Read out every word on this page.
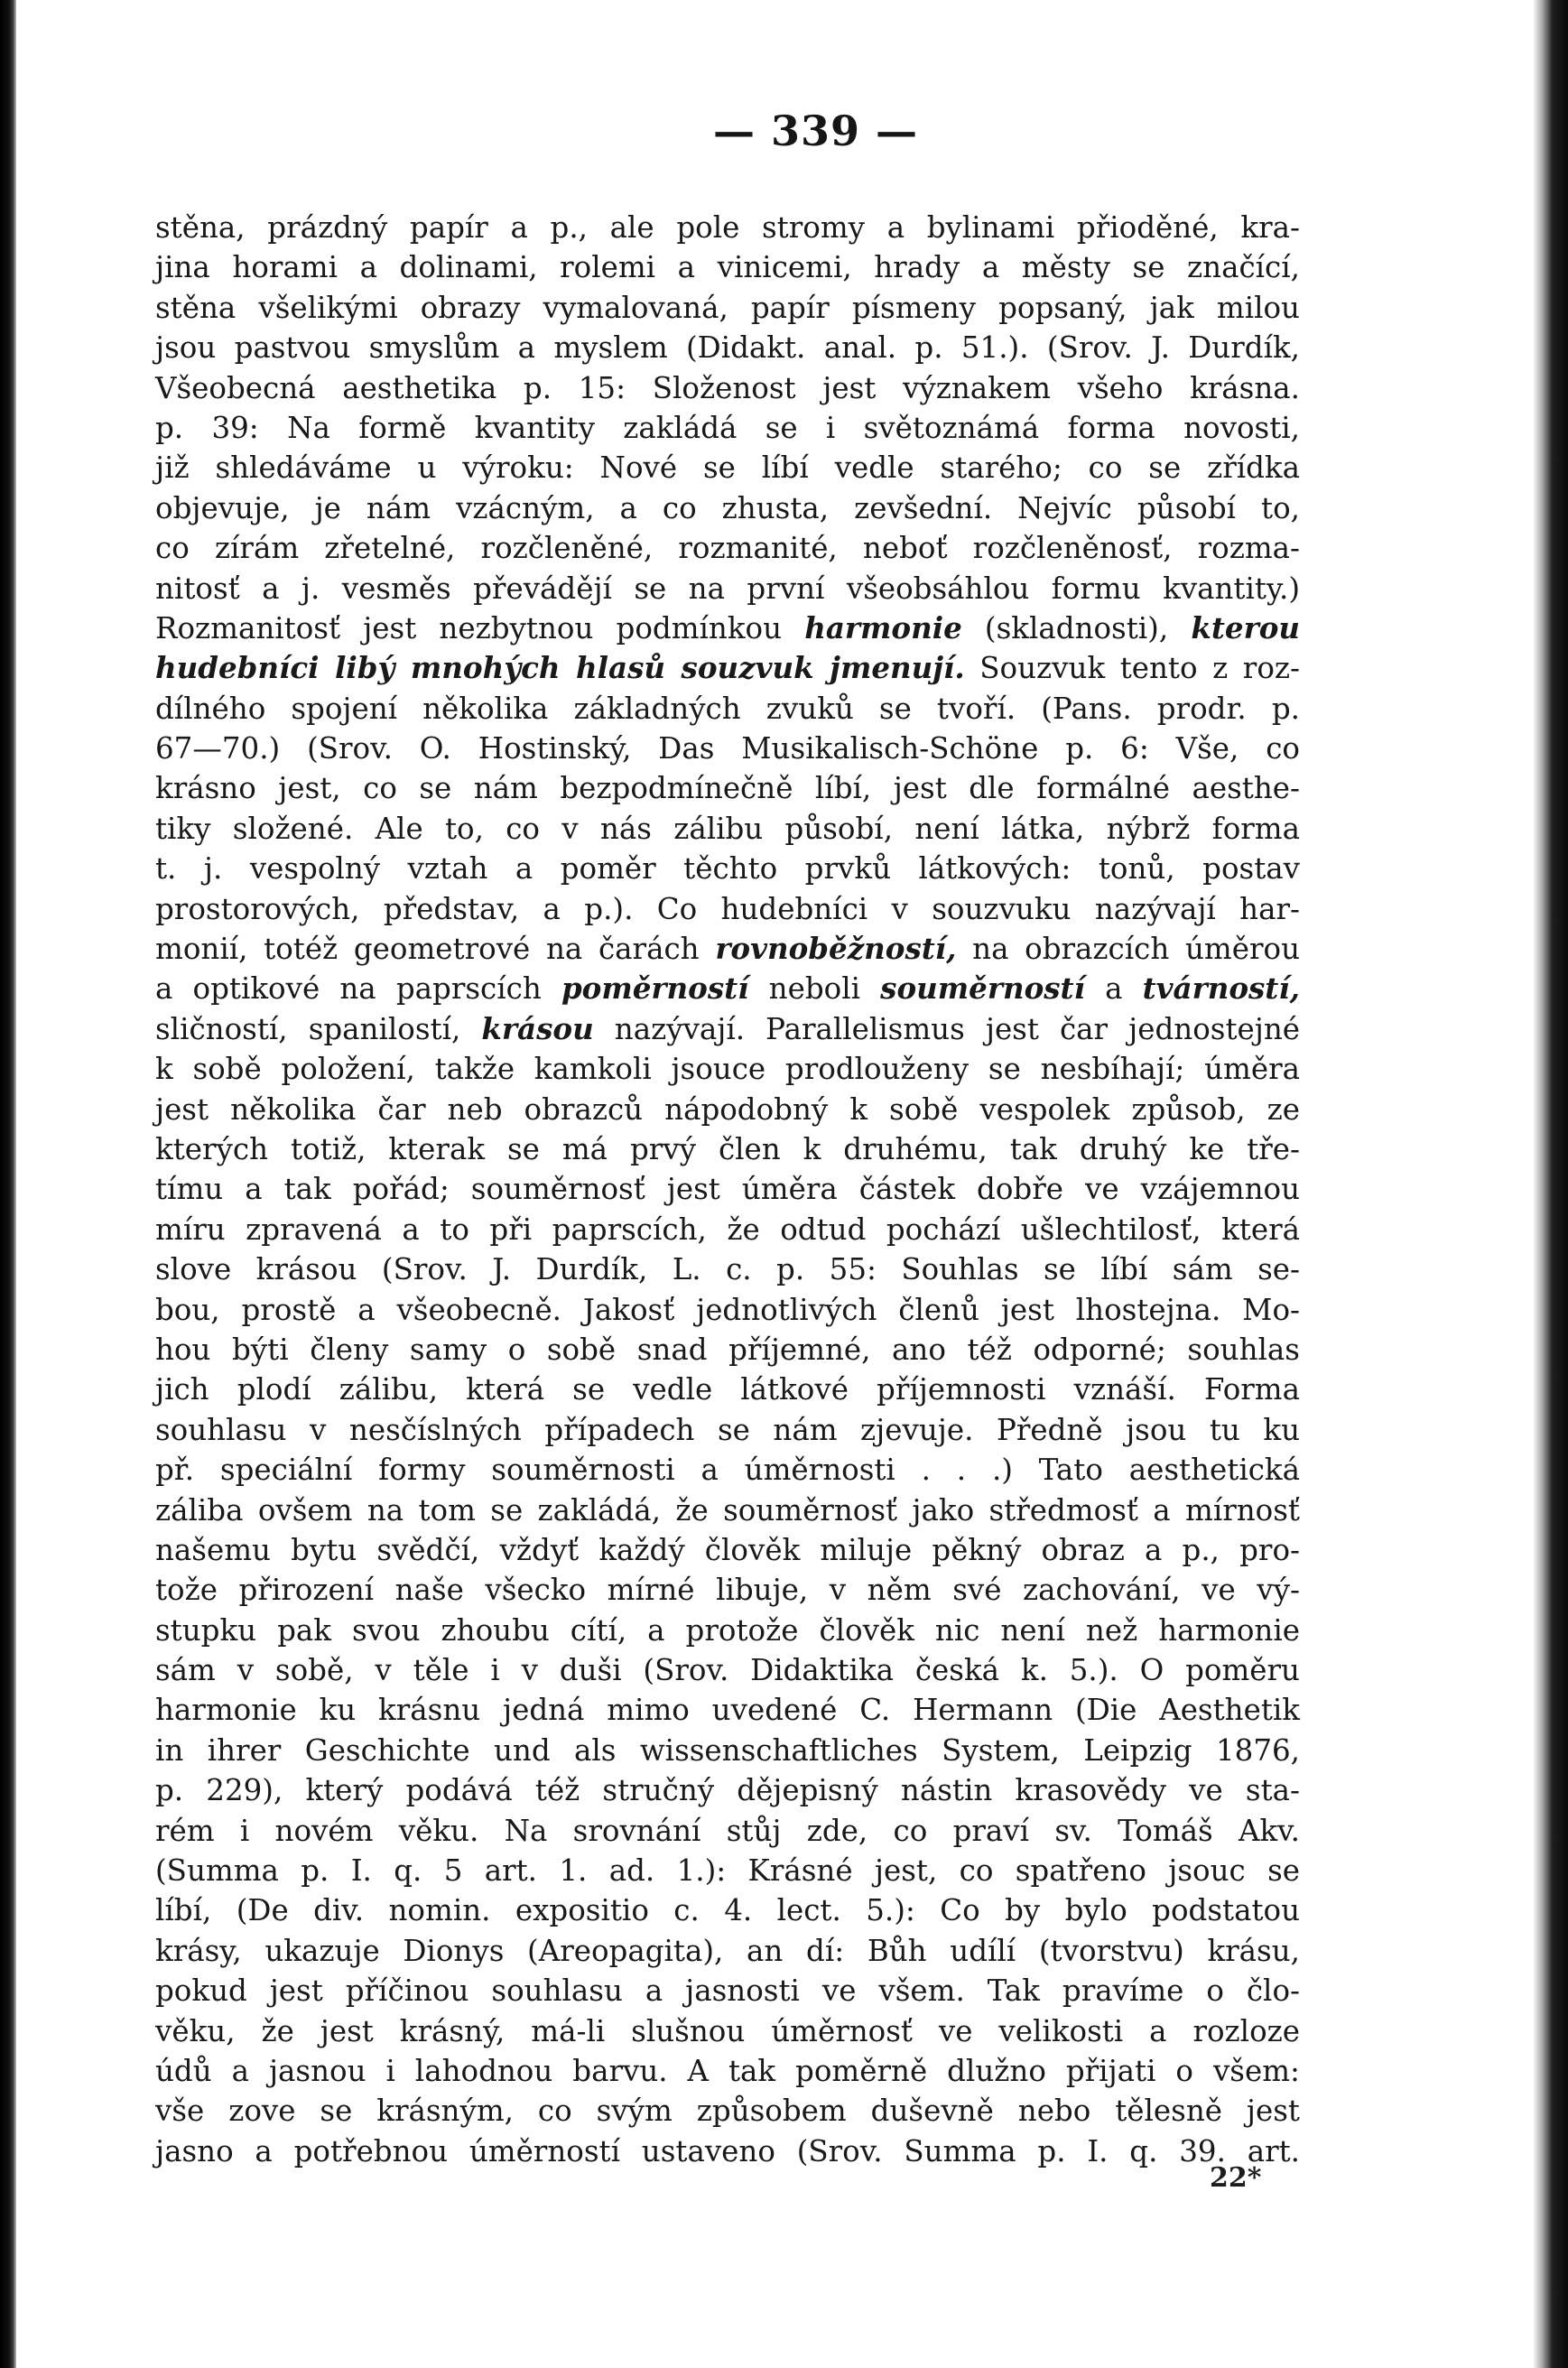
— 339 —
stěna, prázdný papír a p., ale pole stromy a bylinami přioděné, kra-
jina horami a dolinami, rolemi a vinicemi, hrady a městy se značící,
stěna všelikými obrazy vymalovaná, papír písmeny popsaný, jak milou
jsou pastvou smyslům a myslem (Didakt. anal. p. 51.). (Srov. J. Durdík,
Všeobecná aesthetika p. 15: Složenost jest význakem všeho krásna.
p. 39: Na formě kvantity zakládá se i světoznámá forma novosti,
již shledáváme u výroku: Nové se líbí vedle starého; co se zřídka
objevuje, je nám vzácným, a co zhusta, zevšední. Nejvíc působí to,
co zírám zřetelné, rozčleněné, rozmanité, neboť rozčleněnosť, rozma-
nitosť a j. vesměs převádějí se na první všeobsáhlou formu kvantity.)
Rozmanitosť jest nezbytnou podmínkou harmonie (skladnosti), kterou
hudebníci libý mnohých hlasů souzvuk jmenují. Souzvuk tento z roz-
dílného spojení několika základných zvuků se tvoří. (Pans. prodr. p.
67—70.) (Srov. O. Hostinský, Das Musikalisch-Schöne p. 6: Vše, co
krásno jest, co se nám bezpodmínečně líbí, jest dle formálné aesthe-
tiky složené. Ale to, co v nás zálibu působí, není látka, nýbrž forma
t. j. vespolný vztah a poměr těchto prvků látkových: tonů, postav
prostorových, představ, a p.). Co hudebníci v souzvuku nazývají har-
monií, totéž geometrové na čarách rovnoběžností, na obrazcích úměrou
a optikové na paprscích poměrností neboli souměrností a tvárností,
sličností, spanilostí, krásou nazývají. Parallelismus jest čar jednostejné
k sobě položení, takže kamkoli jsouce prodlouženy se nesbíhají; úměra
jest několika čar neb obrazců nápodobný k sobě vespolek způsob, ze
kterých totiž, kterak se má prvý člen k druhému, tak druhý ke tře-
tímu a tak pořád; souměrnosť jest úměra částek dobře ve vzájemnou
míru zpravená a to při paprscích, že odtud pochází ušlechtilosť, která
slove krásou (Srov. J. Durdík, L. c. p. 55: Souhlas se líbí sám se-
bou, prostě a všeobecně. Jakosť jednotlivých členů jest lhostejna. Mo-
hou býti členy samy o sobě snad příjemné, ano též odporné; souhlas
jich plodí zálibu, která se vedle látkové příjemnosti vznáší. Forma
souhlasu v nesčíslných případech se nám zjevuje. Předně jsou tu ku
př. speciální formy souměrnosti a úměrnosti . . .) Tato aesthetická
záliba ovšem na tom se zakládá, že souměrnosť jako středmosť a mírnosť
našemu bytu svědčí, vždyť každý člověk miluje pěkný obraz a p., pro-
tože přirození naše všecko mírné libuje, v něm své zachování, ve vý-
stupku pak svou zhoubu cítí, a protože člověk nic není než harmonie
sám v sobě, v těle i v duši (Srov. Didaktika česká k. 5.). O poměru
harmonie ku krásnu jedná mimo uvedené C. Hermann (Die Aesthetik
in ihrer Geschichte und als wissenschaftliches System, Leipzig 1876,
p. 229), který podává též stručný dějepisný nástin krasovědy ve sta-
rém i novém věku. Na srovnání stůj zde, co praví sv. Tomáš Akv.
(Summa p. I. q. 5 art. 1. ad. 1.): Krásné jest, co spatřeno jsouc se
líbí, (De div. nomin. expositio c. 4. lect. 5.): Co by bylo podstatou
krásy, ukazuje Dionys (Areopagita), an dí: Bůh udílí (tvorstvu) krásu,
pokud jest příčinou souhlasu a jasnosti ve všem. Tak pravíme o člo-
věku, že jest krásný, má-li slušnou úměrnosť ve velikosti a rozloze
údů a jasnou i lahodnou barvu. A tak poměrně dlužno přijati o všem:
vše zove se krásným, co svým způsobem duševně nebo tělesně jest
jasno a potřebnou úměrností ustaveno (Srov. Summa p. I. q. 39. art.
22*
